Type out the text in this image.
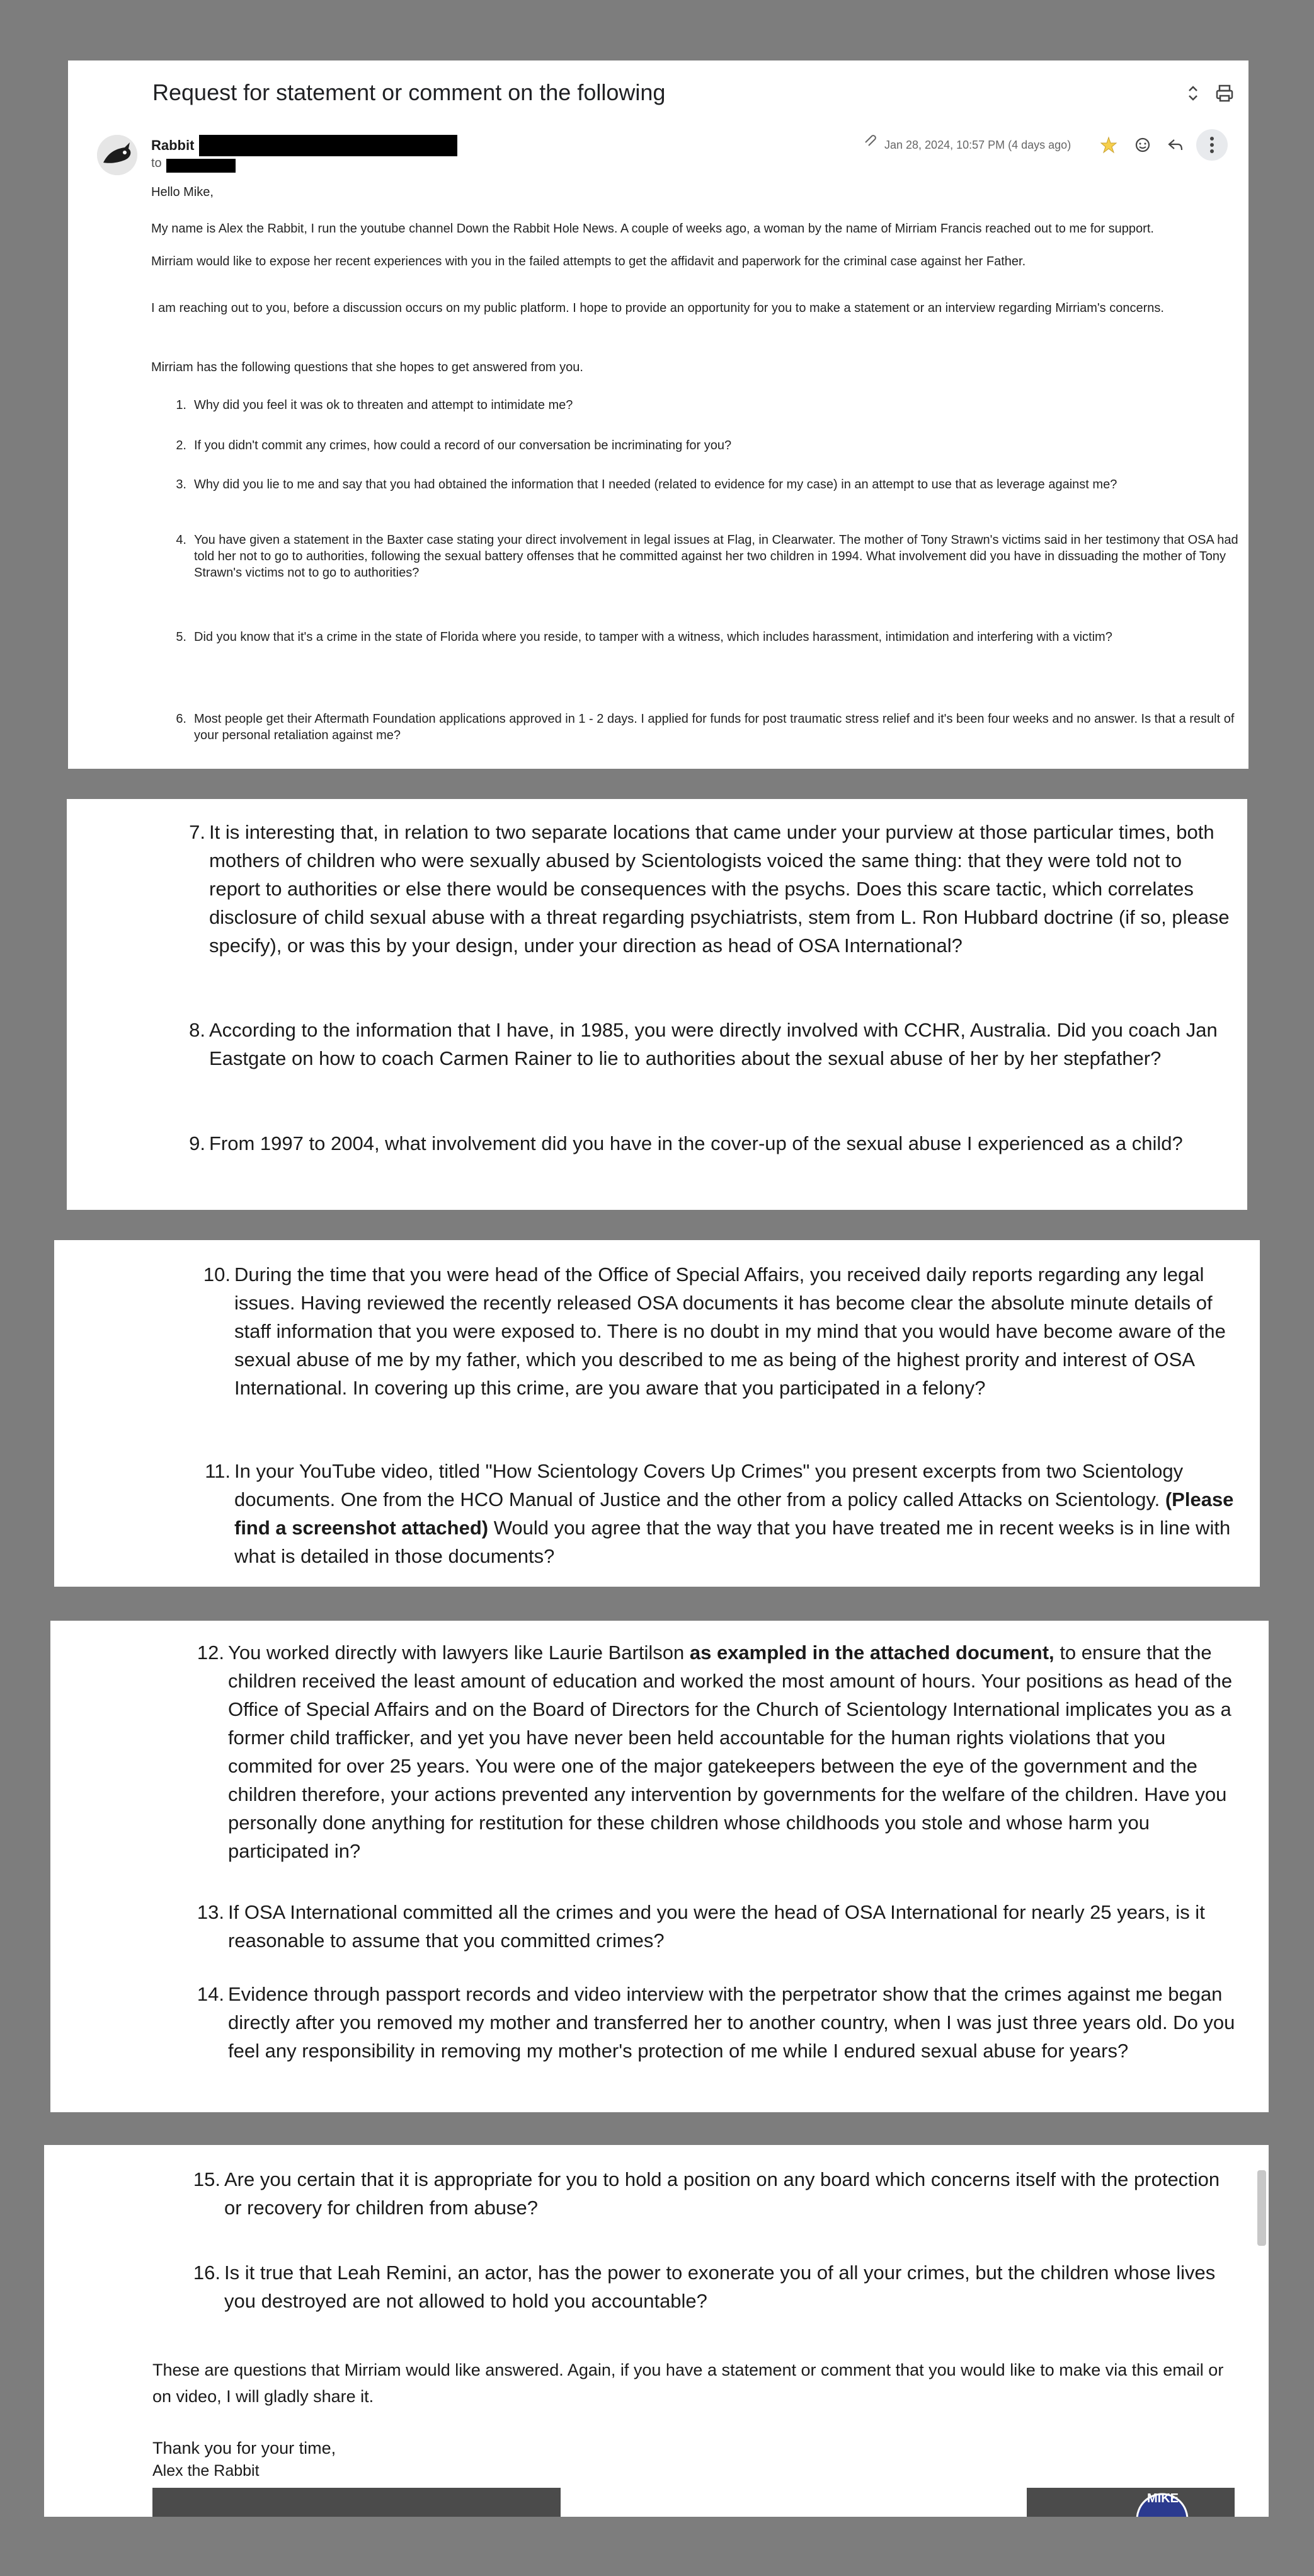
Request for statement or comment on the following
Rabbit
to
Jan 28, 2024, 10:57 PM (4 days ago)
Hello Mike,
My name is Alex the Rabbit, I run the youtube channel Down the Rabbit Hole News. A couple of weeks ago, a woman by the name of Mirriam Francis reached out to me for support.
Mirriam would like to expose her recent experiences with you in the failed attempts to get the affidavit and paperwork for the criminal case against her Father.
I am reaching out to you, before a discussion occurs on my public platform. I hope to provide an opportunity for you to make a statement or an interview regarding Mirriam's concerns.
Mirriam has the following questions that she hopes to get answered from you.
1. Why did you feel it was ok to threaten and attempt to intimidate me?
2. If you didn't commit any crimes, how could a record of our conversation be incriminating for you?
3. Why did you lie to me and say that you had obtained the information that I needed (related to evidence for my case) in an attempt to use that as leverage against me?
4. You have given a statement in the Baxter case stating your direct involvement in legal issues at Flag, in Clearwater. The mother of Tony Strawn's victims said in her testimony that OSA had told her not to go to authorities, following the sexual battery offenses that he committed against her two children in 1994. What involvement did you have in dissuading the mother of Tony Strawn's victims not to go to authorities?
5. Did you know that it's a crime in the state of Florida where you reside, to tamper with a witness, which includes harassment, intimidation and interfering with a victim?
6. Most people get their Aftermath Foundation applications approved in 1 - 2 days. I applied for funds for post traumatic stress relief and it's been four weeks and no answer. Is that a result of your personal retaliation against me?
7. It is interesting that, in relation to two separate locations that came under your purview at those particular times, both mothers of children who were sexually abused by Scientologists voiced the same thing: that they were told not to report to authorities or else there would be consequences with the psychs. Does this scare tactic, which correlates disclosure of child sexual abuse with a threat regarding psychiatrists, stem from L. Ron Hubbard doctrine (if so, please specify), or was this by your design, under your direction as head of OSA International?
8. According to the information that I have, in 1985, you were directly involved with CCHR, Australia. Did you coach Jan Eastgate on how to coach Carmen Rainer to lie to authorities about the sexual abuse of her by her stepfather?
9. From 1997 to 2004, what involvement did you have in the cover-up of the sexual abuse I experienced as a child?
10. During the time that you were head of the Office of Special Affairs, you received daily reports regarding any legal issues. Having reviewed the recently released OSA documents it has become clear the absolute minute details of staff information that you were exposed to. There is no doubt in my mind that you would have become aware of the sexual abuse of me by my father, which you described to me as being of the highest prority and interest of OSA International. In covering up this crime, are you aware that you participated in a felony?
11. In your YouTube video, titled "How Scientology Covers Up Crimes" you present excerpts from two Scientology documents. One from the HCO Manual of Justice and the other from a policy called Attacks on Scientology. (Please find a screenshot attached) Would you agree that the way that you have treated me in recent weeks is in line with what is detailed in those documents?
12. You worked directly with lawyers like Laurie Bartilson as exampled in the attached document, to ensure that the children received the least amount of education and worked the most amount of hours. Your positions as head of the Office of Special Affairs and on the Board of Directors for the Church of Scientology International implicates you as a former child trafficker, and yet you have never been held accountable for the human rights violations that you commited for over 25 years. You were one of the major gatekeepers between the eye of the government and the children therefore, your actions prevented any intervention by governments for the welfare of the children. Have you personally done anything for restitution for these children whose childhoods you stole and whose harm you participated in?
13. If OSA International committed all the crimes and you were the head of OSA International for nearly 25 years, is it reasonable to assume that you committed crimes?
14. Evidence through passport records and video interview with the perpetrator show that the crimes against me began directly after you removed my mother and transferred her to another country, when I was just three years old. Do you feel any responsibility in removing my mother's protection of me while I endured sexual abuse for years?
15. Are you certain that it is appropriate for you to hold a position on any board which concerns itself with the protection or recovery for children from abuse?
16. Is it true that Leah Remini, an actor, has the power to exonerate you of all your crimes, but the children whose lives you destroyed are not allowed to hold you accountable?
These are questions that Mirriam would like answered. Again, if you have a statement or comment that you would like to make via this email or on video, I will gladly share it.
Thank you for your time,
Alex the Rabbit
MIKE
